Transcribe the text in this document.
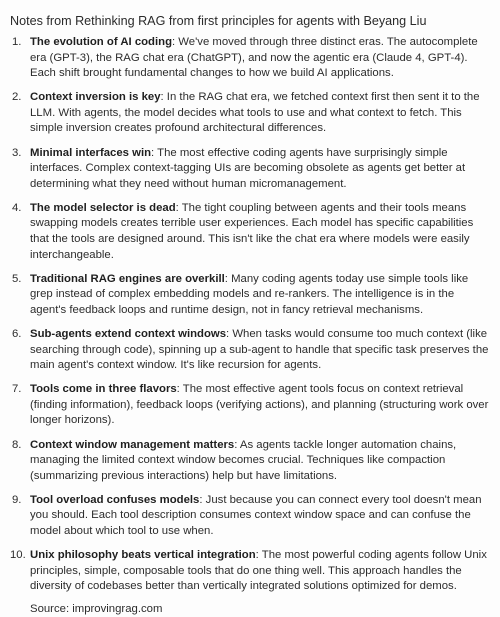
Notes from Rethinking RAG from first principles for agents with Beyang Liu
1. The evolution of AI coding: We've moved through three distinct eras. The autocomplete era (GPT-3), the RAG chat era (ChatGPT), and now the agentic era (Claude 4, GPT-4). Each shift brought fundamental changes to how we build AI applications.
2. Context inversion is key: In the RAG chat era, we fetched context first then sent it to the LLM. With agents, the model decides what tools to use and what context to fetch. This simple inversion creates profound architectural differences.
3. Minimal interfaces win: The most effective coding agents have surprisingly simple interfaces. Complex context-tagging UIs are becoming obsolete as agents get better at determining what they need without human micromanagement.
4. The model selector is dead: The tight coupling between agents and their tools means swapping models creates terrible user experiences. Each model has specific capabilities that the tools are designed around. This isn't like the chat era where models were easily interchangeable.
5. Traditional RAG engines are overkill: Many coding agents today use simple tools like grep instead of complex embedding models and re-rankers. The intelligence is in the agent's feedback loops and runtime design, not in fancy retrieval mechanisms.
6. Sub-agents extend context windows: When tasks would consume too much context (like searching through code), spinning up a sub-agent to handle that specific task preserves the main agent's context window. It's like recursion for agents.
7. Tools come in three flavors: The most effective agent tools focus on context retrieval (finding information), feedback loops (verifying actions), and planning (structuring work over longer horizons).
8. Context window management matters: As agents tackle longer automation chains, managing the limited context window becomes crucial. Techniques like compaction (summarizing previous interactions) help but have limitations.
9. Tool overload confuses models: Just because you can connect every tool doesn't mean you should. Each tool description consumes context window space and can confuse the model about which tool to use when.
10. Unix philosophy beats vertical integration: The most powerful coding agents follow Unix principles, simple, composable tools that do one thing well. This approach handles the diversity of codebases better than vertically integrated solutions optimized for demos.
Source: improvingrag.com
